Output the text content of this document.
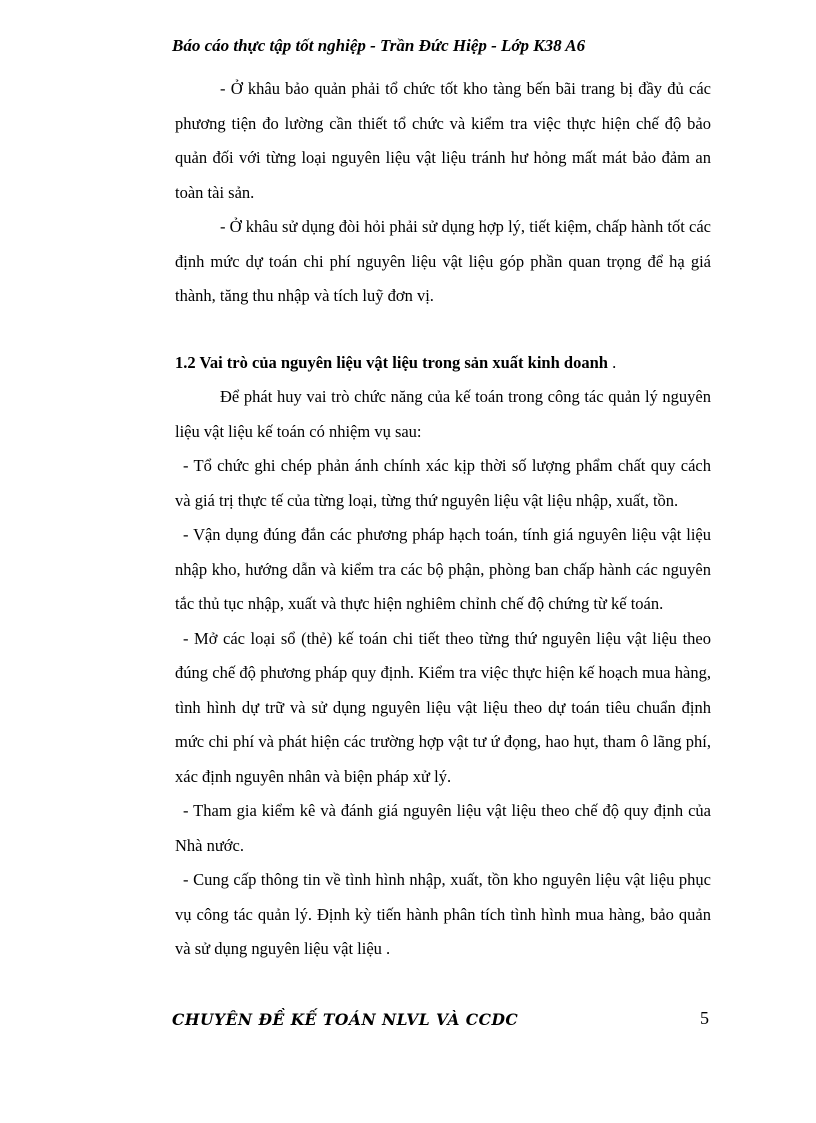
Báo cáo thực tập tốt nghiệp - Trần Đức Hiệp - Lớp K38 A6

- Ở khâu bảo quản phải tổ chức tốt kho tàng bến bãi trang bị đầy đủ các phương tiện đo lường cần thiết tổ chức và kiểm tra việc thực hiện chế độ bảo quản đối với từng loại nguyên liệu vật liệu tránh hư hỏng mất mát bảo đảm an toàn tài sản.

- Ở khâu sử dụng đòi hỏi phải sử dụng hợp lý, tiết kiệm, chấp hành tốt các định mức dự toán chi phí nguyên liệu vật liệu góp phần quan trọng để hạ giá thành, tăng thu nhập và tích luỹ đơn vị.

1.2 Vai trò của nguyên liệu vật liệu trong sản xuất kinh doanh .

Để phát huy vai trò chức năng của kế toán trong công tác quản lý nguyên liệu vật liệu kế toán có nhiệm vụ sau:

- Tổ chức ghi chép phản ánh chính xác kịp thời số lượng phẩm chất quy cách và giá trị thực tế của từng loại, từng thứ nguyên liệu vật liệu nhập, xuất, tồn.

- Vận dụng đúng đắn các phương pháp hạch toán, tính giá nguyên liệu vật liệu nhập kho, hướng dẫn và kiểm tra các bộ phận, phòng ban chấp hành các nguyên tắc thủ tục nhập, xuất và thực hiện nghiêm chỉnh chế độ chứng từ kế toán.

- Mở các loại sổ (thẻ) kế toán chi tiết theo từng thứ nguyên liệu vật liệu theo đúng chế độ phương pháp quy định. Kiểm tra việc thực hiện kế hoạch mua hàng, tình hình dự trữ và sử dụng nguyên liệu vật liệu theo dự toán tiêu chuẩn định mức chi phí và phát hiện các trường hợp vật tư ứ đọng, hao hụt, tham ô lãng phí, xác định nguyên nhân và biện pháp xử lý.

- Tham gia kiểm kê và đánh giá nguyên liệu vật liệu theo chế độ quy định của Nhà nước.

- Cung cấp thông tin về tình hình nhập, xuất, tồn kho nguyên liệu vật liệu phục vụ công tác quản lý. Định kỳ tiến hành phân tích tình hình mua hàng, bảo quản và sử dụng nguyên liệu vật liệu .

CHUYÊN ĐỀ KẾ TOÁN NLVL VÀ CCDC	5
